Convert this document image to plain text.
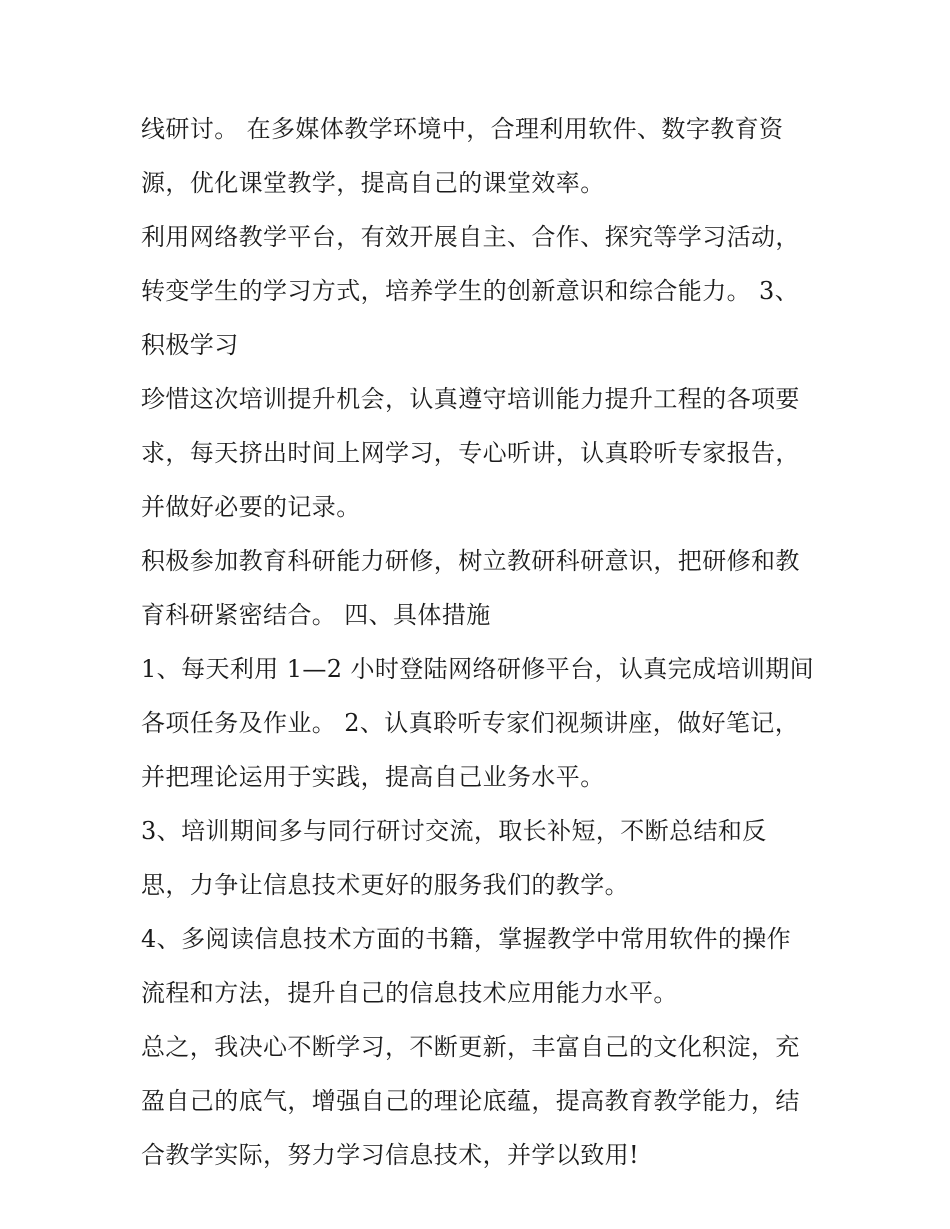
线研讨。 在多媒体教学环境中，合理利用软件、数字教育资
源，优化课堂教学，提高自己的课堂效率。
利用网络教学平台，有效开展自主、合作、探究等学习活动，
转变学生的学习方式，培养学生的创新意识和综合能力。 3、
积极学习
珍惜这次培训提升机会，认真遵守培训能力提升工程的各项要
求，每天挤出时间上网学习，专心听讲，认真聆听专家报告，
并做好必要的记录。
积极参加教育科研能力研修，树立教研科研意识，把研修和教
育科研紧密结合。 四、具体措施
1、每天利用 1—2 小时登陆网络研修平台，认真完成培训期间
各项任务及作业。 2、认真聆听专家们视频讲座，做好笔记，
并把理论运用于实践，提高自己业务水平。
3、培训期间多与同行研讨交流，取长补短，不断总结和反
思，力争让信息技术更好的服务我们的教学。
4、多阅读信息技术方面的书籍，掌握教学中常用软件的操作
流程和方法，提升自己的信息技术应用能力水平。
总之，我决心不断学习，不断更新，丰富自己的文化积淀，充
盈自己的底气，增强自己的理论底蕴，提高教育教学能力，结
合教学实际，努力学习信息技术，并学以致用!
